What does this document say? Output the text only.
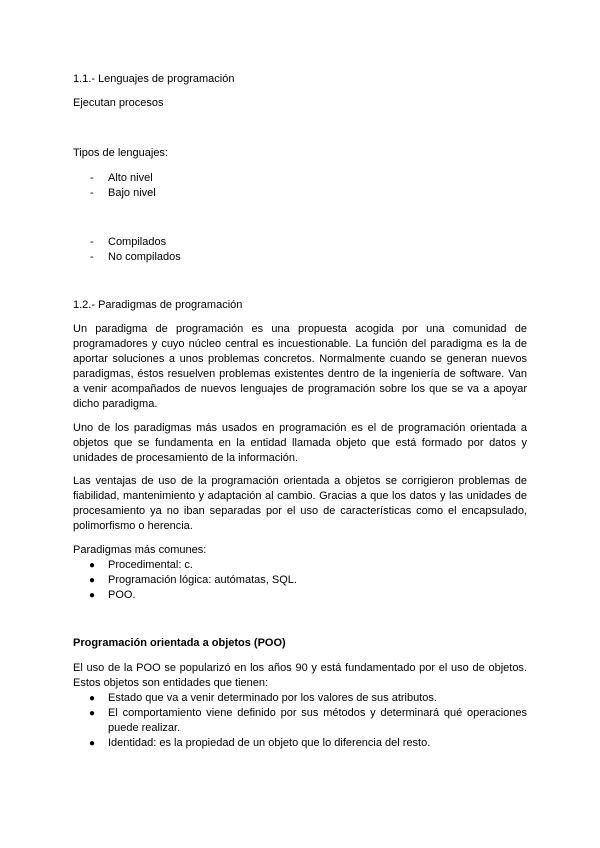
1.1.- Lenguajes de programación

Ejecutan procesos

Tipos de lenguajes:

- Alto nivel
- Bajo nivel
- Compilados
- No compilados

1.2.- Paradigmas de programación

Un paradigma de programación es una propuesta acogida por una comunidad de programadores y cuyo núcleo central es incuestionable. La función del paradigma es la de aportar soluciones a unos problemas concretos. Normalmente cuando se generan nuevos paradigmas, éstos resuelven problemas existentes dentro de la ingeniería de software. Van a venir acompañados de nuevos lenguajes de programación sobre los que se va a apoyar dicho paradigma.

Uno de los paradigmas más usados en programación es el de programación orientada a objetos que se fundamenta en la entidad llamada objeto que está formado por datos y unidades de procesamiento de la información.

Las ventajas de uso de la programación orientada a objetos se corrigieron problemas de fiabilidad, mantenimiento y adaptación al cambio. Gracias a que los datos y las unidades de procesamiento ya no iban separadas por el uso de características como el encapsulado, polimorfismo o herencia.

Paradigmas más comunes:

● Procedimental: c.
● Programación lógica: autómatas, SQL.
● POO.

Programación orientada a objetos (POO)

El uso de la POO se popularizó en los años 90 y está fundamentado por el uso de objetos. Estos objetos son entidades que tienen:

● Estado que va a venir determinado por los valores de sus atributos.
● El comportamiento viene definido por sus métodos y determinará qué operaciones puede realizar.
● Identidad: es la propiedad de un objeto que lo diferencia del resto.
